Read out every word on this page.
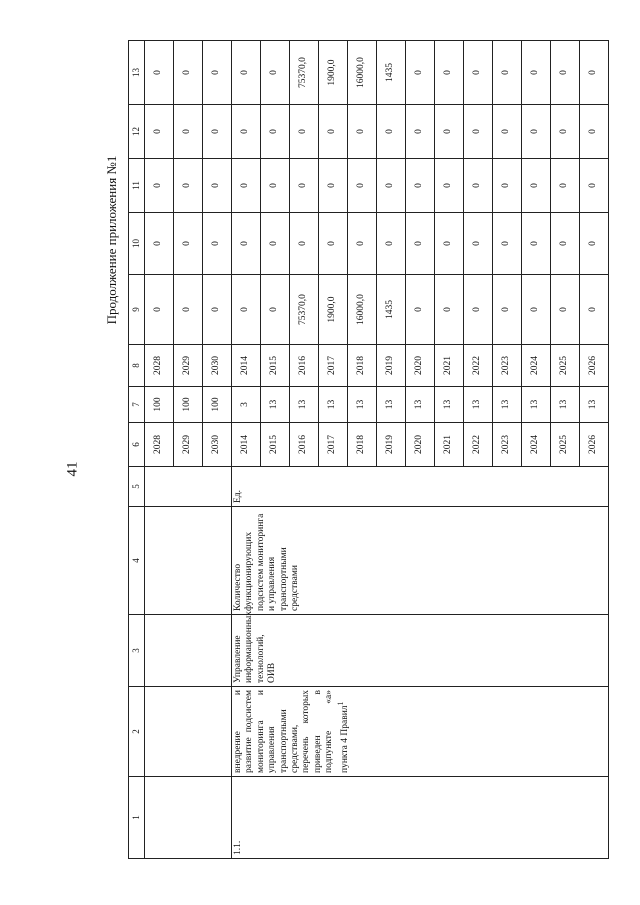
41
Продолжение приложения №1
1	2	3	4	5	6	7	8	9	10	11	12	13
					2028	100	2028	0	0	0	0	0
					2029	100	2029	0	0	0	0	0
					2030	100	2030	0	0	0	0	0
1.1.	внедрение и развитие подсистем мониторинга и управления транспортными средствами, перечень которых приведен в подпункте «а» пункта 4 Правил$^1$	Управление информационных технологий, ОИВ	Количество функционирующих подсистем мониторинга и управления транспортными средствами	Ед.	2014	3	2014	0	0	0	0	0
					2015	13	2015	0	0	0	0	0
					2016	13	2016	75370,0	0	0	0	75370,0
					2017	13	2017	1900,0	0	0	0	1900,0
					2018	13	2018	16000,0	0	0	0	16000,0
					2019	13	2019	1435	0	0	0	1435
					2020	13	2020	0	0	0	0	0
					2021	13	2021	0	0	0	0	0
					2022	13	2022	0	0	0	0	0
					2023	13	2023	0	0	0	0	0
					2024	13	2024	0	0	0	0	0
					2025	13	2025	0	0	0	0	0
					2026	13	2026	0	0	0	0	0
